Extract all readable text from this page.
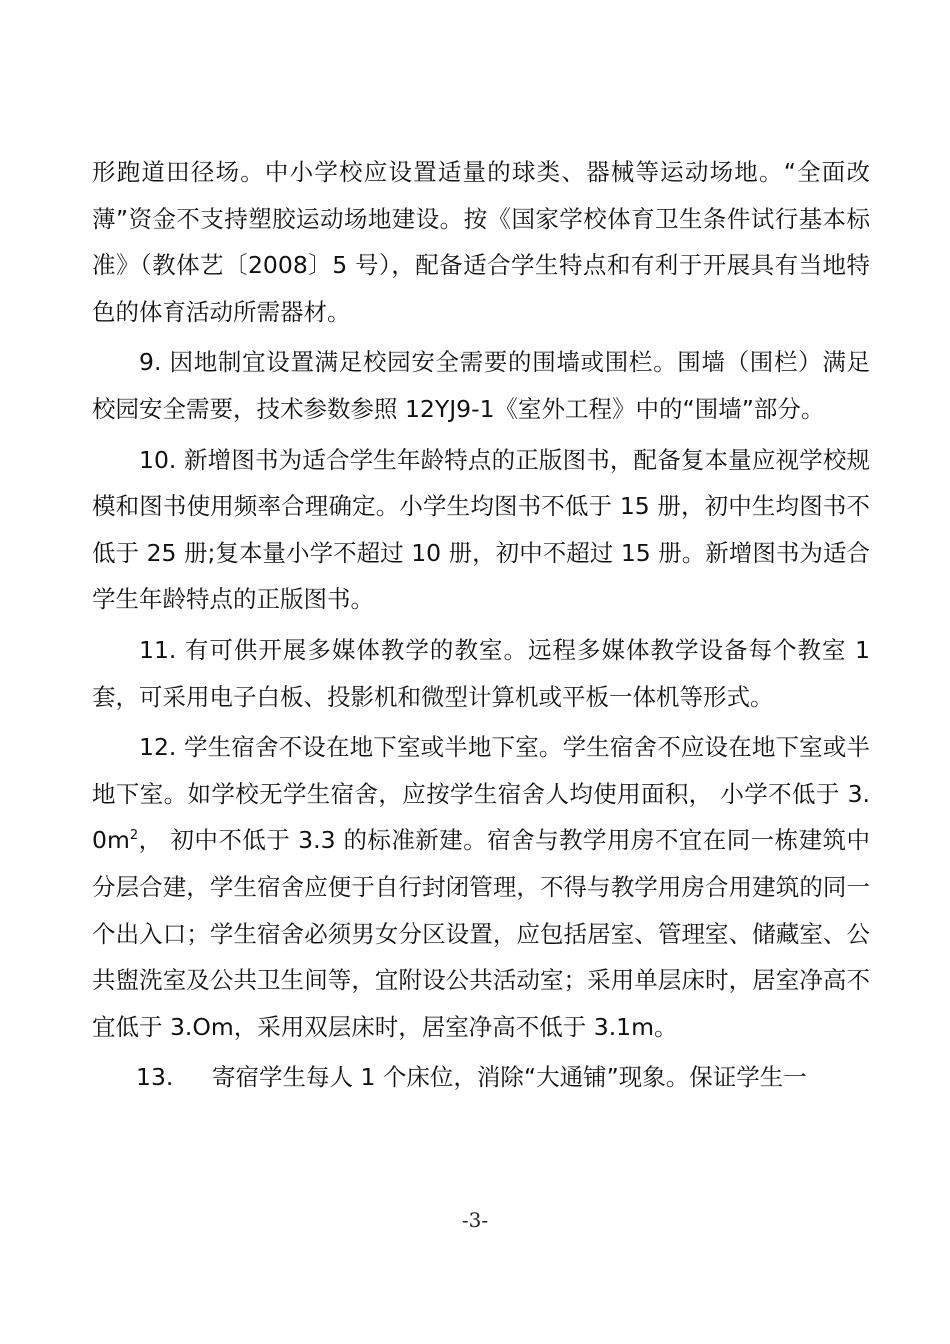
形跑道田径场。中小学校应设置适量的球类、器械等运动场地。“全面改薄”资金不支持塑胶运动场地建设。按《国家学校体育卫生条件试行基本标准》（教体艺〔2008〕5 号），配备适合学生特点和有利于开展具有当地特色的体育活动所需器材。

9. 因地制宜设置满足校园安全需要的围墙或围栏。围墙（围栏）满足校园安全需要，技术参数参照 12YJ9-1《室外工程》中的“围墙”部分。

10. 新增图书为适合学生年龄特点的正版图书，配备复本量应视学校规模和图书使用频率合理确定。小学生均图书不低于 15 册，初中生均图书不低于 25 册;复本量小学不超过 10 册，初中不超过 15 册。新增图书为适合学生年龄特点的正版图书。

11. 有可供开展多媒体教学的教室。远程多媒体教学设备每个教室 1 套，可采用电子白板、投影机和微型计算机或平板一体机等形式。

12. 学生宿舍不设在地下室或半地下室。学生宿舍不应设在地下室或半地下室。如学校无学生宿舍，应按学生宿舍人均使用面积， 小学不低于 $3.0m^2$， 初中不低于 3.3 的标准新建。宿舍与教学用房不宜在同一栋建筑中分层合建，学生宿舍应便于自行封闭管理，不得与教学用房合用建筑的同一个出入口；学生宿舍必须男女分区设置，应包括居室、管理室、储藏室、公共盥洗室及公共卫生间等，宜附设公共活动室；采用单层床时，居室净高不宜低于 3.Om，采用双层床时，居室净高不低于 3.1m。

13. 寄宿学生每人 1 个床位，消除“大通铺”现象。保证学生一

-3-
